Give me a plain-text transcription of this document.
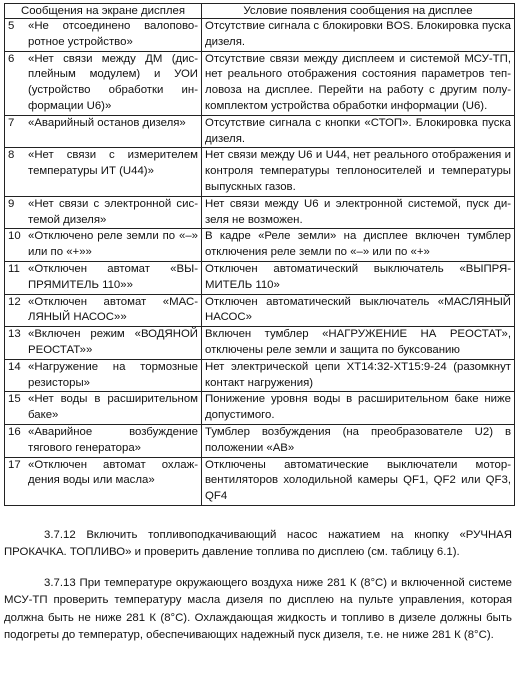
Сообщения на экране дисплея	Условие появления сообщения на дисплее

5 «Не отсоединено валоповоротное устройство»	Отсутствие сигнала с блокировки BOS. Блокировка пуска дизеля.

6 «Нет связи между ДМ (дисплейным модулем) и УОИ (устройство обработки информации U6)»	Отсутствие связи между дисплеем и системой МСУ-ТП, нет реального отображения состояния параметров тепловоза на дисплее. Перейти на работу с другим полукомплектом устройства обработки информации (U6).

7 «Аварийный останов дизеля»	Отсутствие сигнала с кнопки «СТОП». Блокировка пуска дизеля.

8 «Нет связи с измерителем температуры ИТ (U44)»	Нет связи между U6 и U44, нет реального отображения и контроля температуры теплоносителей и температуры выпускных газов.

9 «Нет связи с электронной системой дизеля»	Нет связи между U6 и электронной системой, пуск дизеля не возможен.

10 «Отключено реле земли по «–» или по «+»»	В кадре «Реле земли» на дисплее включен тумблер отключения реле земли по «–» или по «+»

11 «Отключен автомат «ВЫПРЯМИТЕЛЬ 110»»	Отключен автоматический выключатель «ВЫПРЯМИТЕЛЬ 110»

12 «Отключен автомат «МАСЛЯНЫЙ НАСОС»»	Отключен автоматический выключатель «МАСЛЯНЫЙ НАСОС»

13 «Включен режим «ВОДЯНОЙ РЕОСТАТ»»	Включен тумблер «НАГРУЖЕНИЕ НА РЕОСТАТ», отключены реле земли и защита по буксованию

14 «Нагружение на тормозные резисторы»	Нет электрической цепи ХТ14:32-ХТ15:9-24 (разомкнут контакт нагружения)

15 «Нет воды в расширительном баке»	Понижение уровня воды в расширительном баке ниже допустимого.

16 «Аварийное возбуждение тягового генератора»	Тумблер возбуждения (на преобразователе U2) в положении «АВ»

17 «Отключен автомат охлаждения воды или масла»	Отключены автоматические выключатели моторвентиляторов холодильной камеры QF1, QF2 или QF3, QF4
3.7.12 Включить топливоподкачивающий насос нажатием на кнопку «РУЧНАЯ ПРОКАЧКА. ТОПЛИВО» и проверить давление топлива по дисплею (см. таблицу 6.1).
3.7.13 При температуре окружающего воздуха ниже 281 К (8°С) и включенной системе МСУ-ТП проверить температуру масла дизеля по дисплею на пульте управления, которая должна быть не ниже 281 К (8°С). Охлаждающая жидкость и топливо в дизеле должны быть подогреты до температур, обеспечивающих надежный пуск дизеля, т.е. не ниже 281 К (8°С).
